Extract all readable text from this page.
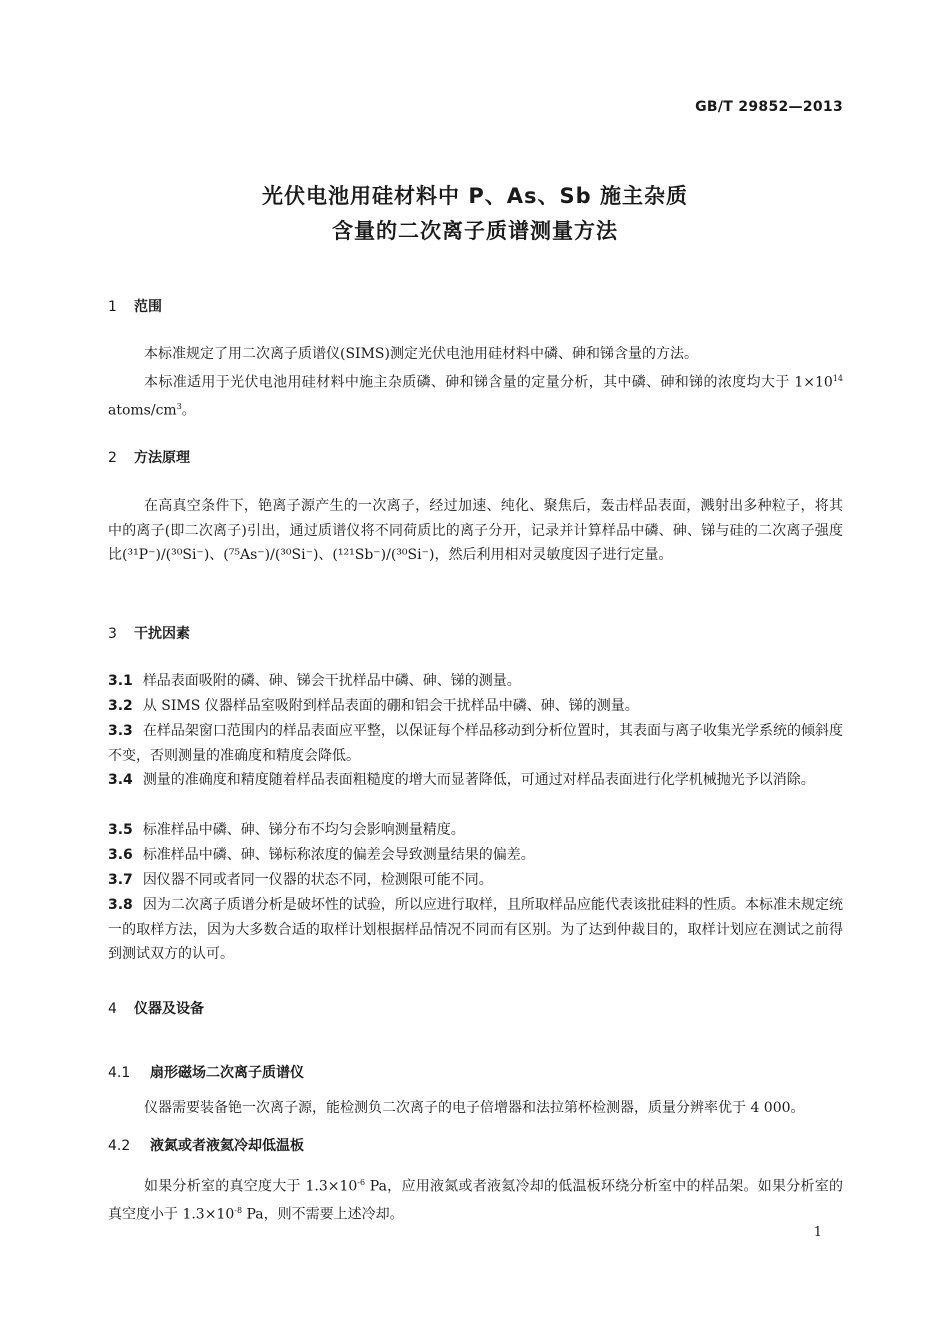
GB/T 29852—2013
光伏电池用硅材料中 P、As、Sb 施主杂质
含量的二次离子质谱测量方法
1 范围
本标准规定了用二次离子质谱仪(SIMS)测定光伏电池用硅材料中磷、砷和锑含量的方法。
本标准适用于光伏电池用硅材料中施主杂质磷、砷和锑含量的定量分析，其中磷、砷和锑的浓度均大于 $1\times 10^{14}$ atoms/$cm^3$。
2 方法原理
在高真空条件下，铯离子源产生的一次离子，经过加速、纯化、聚焦后，轰击样品表面，溅射出多种粒子，将其中的离子(即二次离子)引出，通过质谱仪将不同荷质比的离子分开，记录并计算样品中磷、砷、锑与硅的二次离子强度比(³¹P⁻)/(³⁰Si⁻)、(⁷⁵As⁻)/(³⁰Si⁻)、(¹²¹Sb⁻)/(³⁰Si⁻)，然后利用相对灵敏度因子进行定量。
3 干扰因素
3.1 样品表面吸附的磷、砷、锑会干扰样品中磷、砷、锑的测量。
3.2 从 SIMS 仪器样品室吸附到样品表面的硼和铝会干扰样品中磷、砷、锑的测量。
3.3 在样品架窗口范围内的样品表面应平整，以保证每个样品移动到分析位置时，其表面与离子收集光学系统的倾斜度不变，否则测量的准确度和精度会降低。
3.4 测量的准确度和精度随着样品表面粗糙度的增大而显著降低，可通过对样品表面进行化学机械抛光予以消除。
3.5 标准样品中磷、砷、锑分布不均匀会影响测量精度。
3.6 标准样品中磷、砷、锑标称浓度的偏差会导致测量结果的偏差。
3.7 因仪器不同或者同一仪器的状态不同，检测限可能不同。
3.8 因为二次离子质谱分析是破坏性的试验，所以应进行取样，且所取样品应能代表该批硅料的性质。本标准未规定统一的取样方法，因为大多数合适的取样计划根据样品情况不同而有区别。为了达到仲裁目的，取样计划应在测试之前得到测试双方的认可。
4 仪器及设备
4.1 扇形磁场二次离子质谱仪
仪器需要装备铯一次离子源，能检测负二次离子的电子倍增器和法拉第杯检测器，质量分辨率优于 4 000。
4.2 液氮或者液氦冷却低温板
如果分析室的真空度大于 $1.3\times 10^{-6}$ Pa，应用液氮或者液氦冷却的低温板环绕分析室中的样品架。如果分析室的真空度小于 $1.3\times 10^{-8}$ Pa，则不需要上述冷却。
1
